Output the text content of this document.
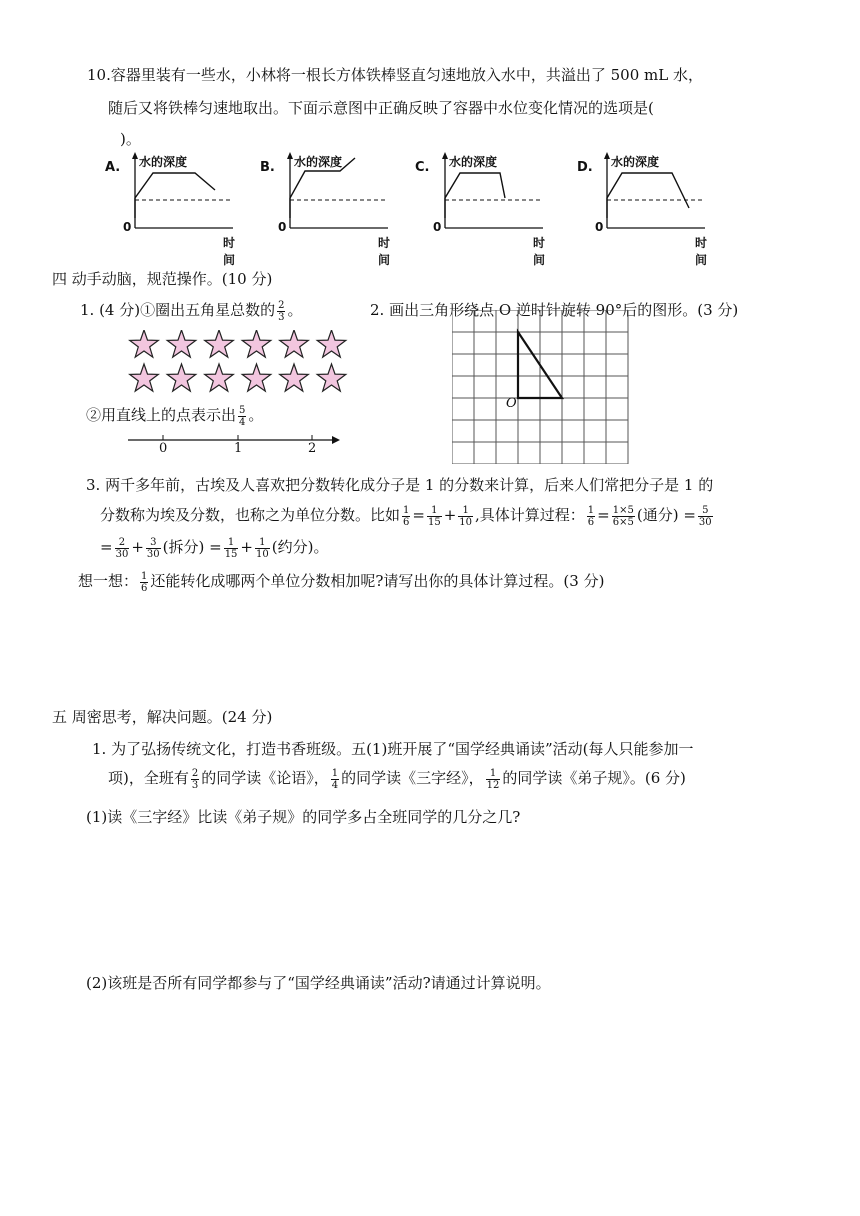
10.容器里装有一些水，小林将一根长方体铁棒竖直匀速地放入水中，共溢出了 500 mL 水，
随后又将铁棒匀速地取出。下面示意图中正确反映了容器中水位变化情况的选项是(
)。
A. 水的深度
时间
0
B. 水的深度
时间
0
C. 水的深度
时间
0
D. 水的深度
时间
0
四 动手动脑，规范操作。(10 分)
1. (4 分)①圈出五角星总数的 $\frac{2}{3}$ 。	2. 画出三角形绕点 O 逆时针旋转 90°后的图形。(3 分)
②用直线上的点表示出 $\frac{5}{4}$ 。
0	1	2
O
3. 两千多年前，古埃及人喜欢把分数转化成分子是 1 的分数来计算，后来人们常把分子是 1 的
分数称为埃及分数，也称之为单位分数。比如 $\frac{1}{6} = \frac{1}{15} + \frac{1}{10}$ ,具体计算过程： $\frac{1}{6} = \frac{1\times 5}{6\times 5}$ (通分) = $\frac{5}{30}$
= $\frac{2}{30} + \frac{3}{30}$ (拆分) = $\frac{1}{15} + \frac{1}{10}$ (约分)。
想一想： $\frac{1}{6}$ 还能转化成哪两个单位分数相加呢?请写出你的具体计算过程。(3 分)
五 周密思考，解决问题。(24 分)
1. 为了弘扬传统文化，打造书香班级。五(1)班开展了“国学经典诵读”活动(每人只能参加一
项)，全班有 $\frac{2}{3}$ 的同学读《论语》， $\frac{1}{4}$ 的同学读《三字经》， $\frac{1}{12}$ 的同学读《弟子规》。(6 分)
(1)读《三字经》比读《弟子规》的同学多占全班同学的几分之几?
(2)该班是否所有同学都参与了“国学经典诵读”活动?请通过计算说明。
